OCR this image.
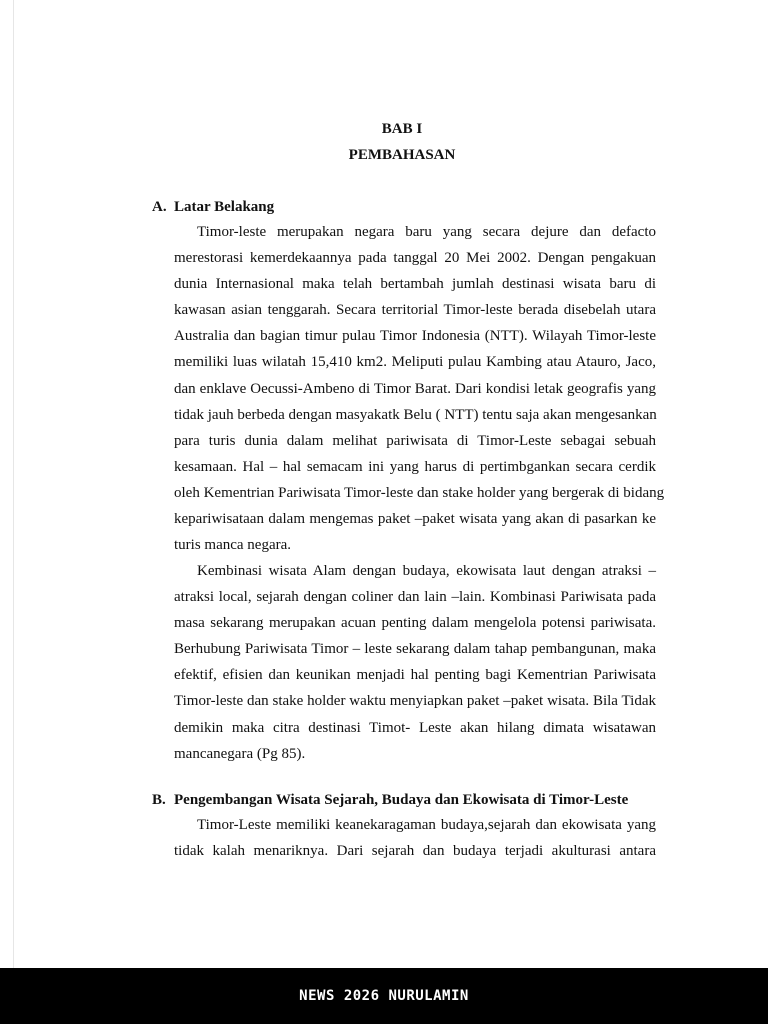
BAB I
PEMBAHASAN
A. Latar Belakang
Timor-leste merupakan negara baru yang secara dejure dan defacto
merestorasi kemerdekaannya pada tanggal 20 Mei 2002. Dengan pengakuan
dunia Internasional maka telah bertambah jumlah destinasi wisata baru di
kawasan asian tenggarah. Secara territorial Timor-leste berada disebelah utara
Australia dan bagian timur pulau Timor Indonesia (NTT). Wilayah Timor-leste
memiliki luas wilatah 15,410 km2. Meliputi pulau Kambing atau Atauro, Jaco,
dan enklave Oecussi-Ambeno di Timor Barat. Dari kondisi letak geografis yang
tidak jauh berbeda dengan masyakatk Belu ( NTT) tentu saja akan mengesankan
para turis dunia dalam melihat pariwisata di Timor-Leste sebagai sebuah
kesamaan. Hal – hal semacam ini yang harus di pertimbgankan secara cerdik
oleh Kementrian Pariwisata Timor-leste dan stake holder yang bergerak di bidang
kepariwisataan dalam mengemas paket –paket wisata yang akan di pasarkan ke
turis manca negara.
Kembinasi wisata Alam dengan budaya, ekowisata laut dengan atraksi –
atraksi local, sejarah dengan coliner dan lain –lain. Kombinasi Pariwisata pada
masa sekarang merupakan acuan penting dalam mengelola potensi pariwisata.
Berhubung Pariwisata Timor – leste sekarang dalam tahap pembangunan, maka
efektif, efisien dan keunikan menjadi hal penting bagi Kementrian Pariwisata
Timor-leste dan stake holder waktu menyiapkan paket –paket wisata. Bila Tidak
demikin maka citra destinasi Timot- Leste akan hilang dimata wisatawan
mancanegara (Pg 85).
B. Pengembangan Wisata Sejarah, Budaya dan Ekowisata di Timor-Leste
Timor-Leste memiliki keanekaragaman budaya,sejarah dan ekowisata yang
tidak kalah menariknya. Dari sejarah dan budaya terjadi akulturasi antara
NEWS 2026 NURULAMIN
